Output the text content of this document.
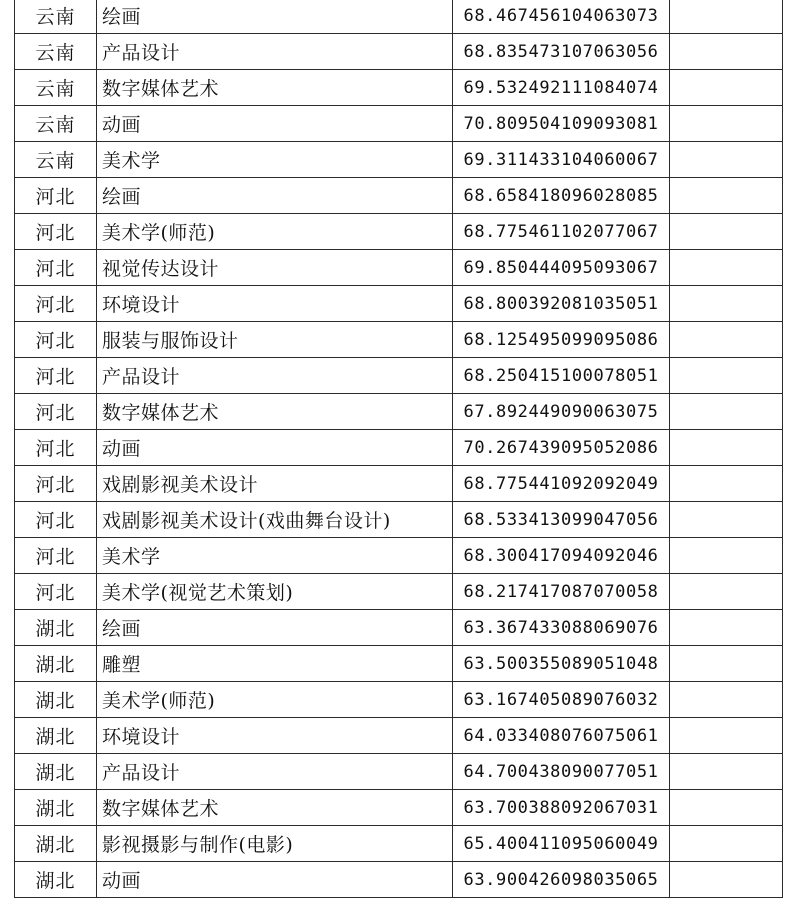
云南	绘画	68.467456104063073	
云南	产品设计	68.835473107063056	
云南	数字媒体艺术	69.532492111084074	
云南	动画	70.809504109093081	
云南	美术学	69.311433104060067	
河北	绘画	68.658418096028085	
河北	美术学(师范)	68.775461102077067	
河北	视觉传达设计	69.850444095093067	
河北	环境设计	68.800392081035051	
河北	服装与服饰设计	68.125495099095086	
河北	产品设计	68.250415100078051	
河北	数字媒体艺术	67.892449090063075	
河北	动画	70.267439095052086	
河北	戏剧影视美术设计	68.775441092092049	
河北	戏剧影视美术设计(戏曲舞台设计)	68.533413099047056	
河北	美术学	68.300417094092046	
河北	美术学(视觉艺术策划)	68.217417087070058	
湖北	绘画	63.367433088069076	
湖北	雕塑	63.500355089051048	
湖北	美术学(师范)	63.167405089076032	
湖北	环境设计	64.033408076075061	
湖北	产品设计	64.700438090077051	
湖北	数字媒体艺术	63.700388092067031	
湖北	影视摄影与制作(电影)	65.400411095060049	
湖北	动画	63.900426098035065	
